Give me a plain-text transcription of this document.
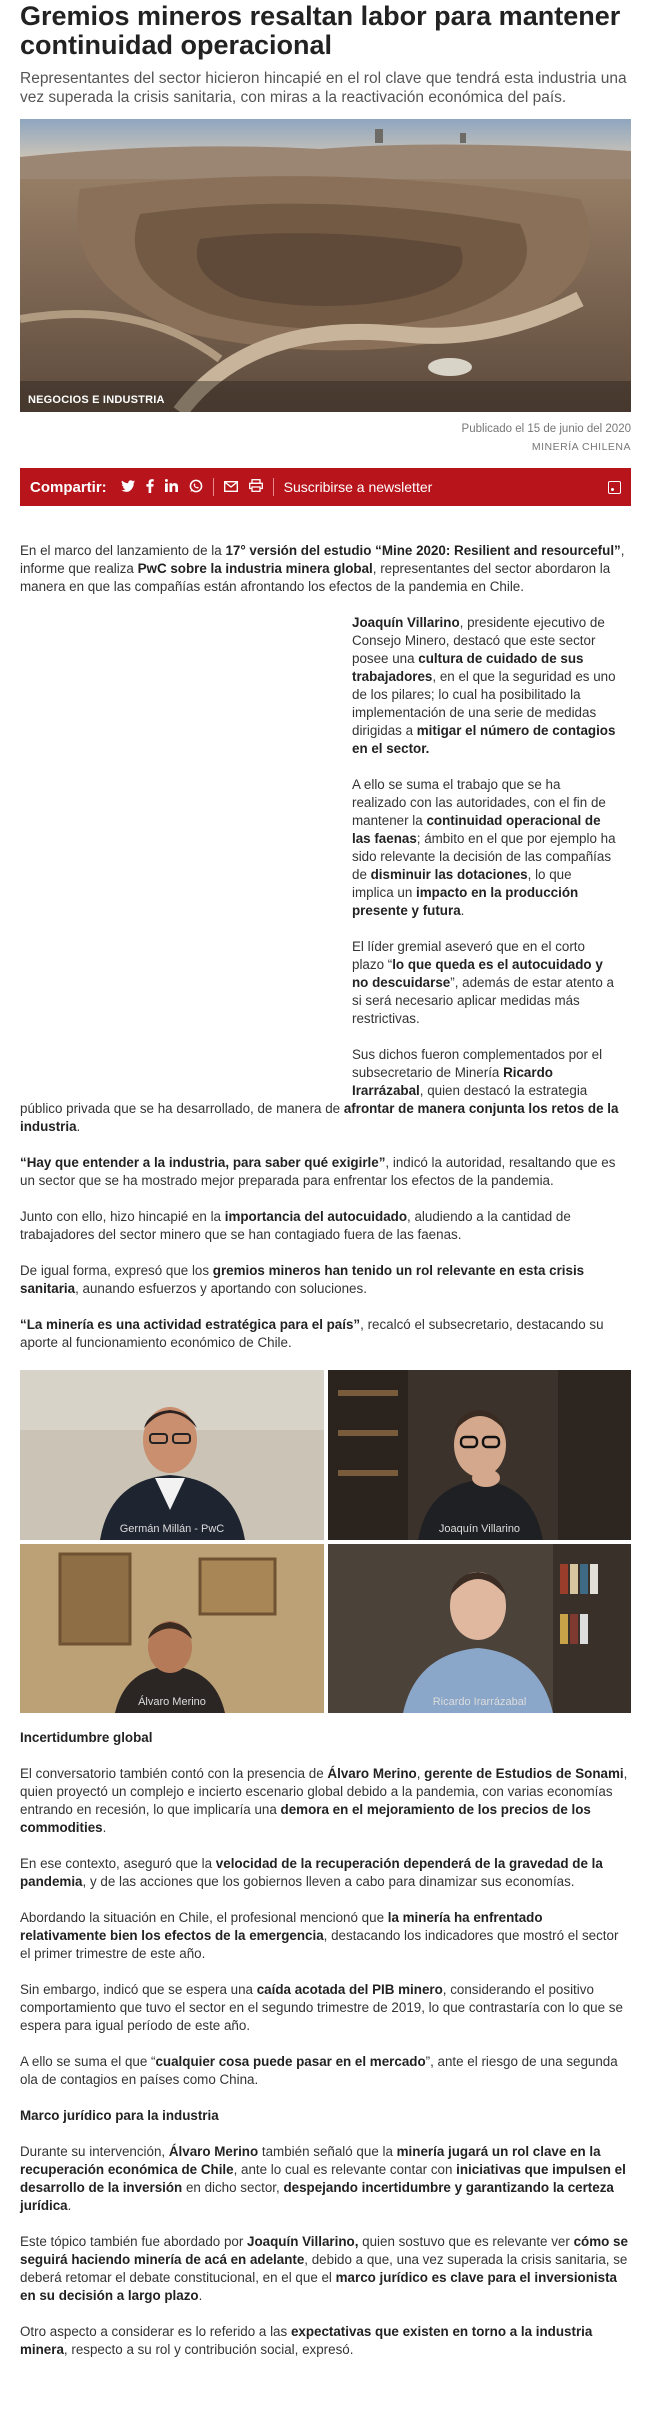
Gremios mineros resaltan labor para mantener continuidad operacional

Representantes del sector hicieron hincapié en el rol clave que tendrá esta industria una vez superada la crisis sanitaria, con miras a la reactivación económica del país.

NEGOCIOS E INDUSTRIA
Publicado el 15 de junio del 2020
MINERÍA CHILENA
Compartir:	Suscribirse a newsletter

En el marco del lanzamiento de la 17° versión del estudio “Mine 2020: Resilient and resourceful”, informe que realiza PwC sobre la industria minera global, representantes del sector abordaron la manera en que las compañías están afrontando los efectos de la pandemia en Chile.

Joaquín Villarino, presidente ejecutivo de Consejo Minero, destacó que este sector posee una cultura de cuidado de sus trabajadores, en el que la seguridad es uno de los pilares; lo cual ha posibilitado la implementación de una serie de medidas dirigidas a mitigar el número de contagios en el sector.

A ello se suma el trabajo que se ha realizado con las autoridades, con el fin de mantener la continuidad operacional de las faenas; ámbito en el que por ejemplo ha sido relevante la decisión de las compañías de disminuir las dotaciones, lo que implica un impacto en la producción presente y futura.

El líder gremial aseveró que en el corto plazo “lo que queda es el autocuidado y no descuidarse”, además de estar atento a si será necesario aplicar medidas más restrictivas.

Sus dichos fueron complementados por el subsecretario de Minería Ricardo Irarrázabal, quien destacó la estrategia

público privada que se ha desarrollado, de manera de afrontar de manera conjunta los retos de la industria.

“Hay que entender a la industria, para saber qué exigirle”, indicó la autoridad, resaltando que es un sector que se ha mostrado mejor preparada para enfrentar los efectos de la pandemia.

Junto con ello, hizo hincapié en la importancia del autocuidado, aludiendo a la cantidad de trabajadores del sector minero que se han contagiado fuera de las faenas.

De igual forma, expresó que los gremios mineros han tenido un rol relevante en esta crisis sanitaria, aunando esfuerzos y aportando con soluciones.

“La minería es una actividad estratégica para el país”, recalcó el subsecretario, destacando su aporte al funcionamiento económico de Chile.

Germán Millán - PwC	Joaquín Villarino
Álvaro Merino	Ricardo Irarrázabal

Incertidumbre global

El conversatorio también contó con la presencia de Álvaro Merino, gerente de Estudios de Sonami, quien proyectó un complejo e incierto escenario global debido a la pandemia, con varias economías entrando en recesión, lo que implicaría una demora en el mejoramiento de los precios de los commodities.

En ese contexto, aseguró que la velocidad de la recuperación dependerá de la gravedad de la pandemia, y de las acciones que los gobiernos lleven a cabo para dinamizar sus economías.

Abordando la situación en Chile, el profesional mencionó que la minería ha enfrentado relativamente bien los efectos de la emergencia, destacando los indicadores que mostró el sector el primer trimestre de este año.

Sin embargo, indicó que se espera una caída acotada del PIB minero, considerando el positivo comportamiento que tuvo el sector en el segundo trimestre de 2019, lo que contrastaría con lo que se espera para igual período de este año.

A ello se suma el que “cualquier cosa puede pasar en el mercado”, ante el riesgo de una segunda ola de contagios en países como China.

Marco jurídico para la industria

Durante su intervención, Álvaro Merino también señaló que la minería jugará un rol clave en la recuperación económica de Chile, ante lo cual es relevante contar con iniciativas que impulsen el desarrollo de la inversión en dicho sector, despejando incertidumbre y garantizando la certeza jurídica.

Este tópico también fue abordado por Joaquín Villarino, quien sostuvo que es relevante ver cómo se seguirá haciendo minería de acá en adelante, debido a que, una vez superada la crisis sanitaria, se deberá retomar el debate constitucional, en el que el marco jurídico es clave para el inversionista en su decisión a largo plazo.

Otro aspecto a considerar es lo referido a las expectativas que existen en torno a la industria minera, respecto a su rol y contribución social, expresó.
